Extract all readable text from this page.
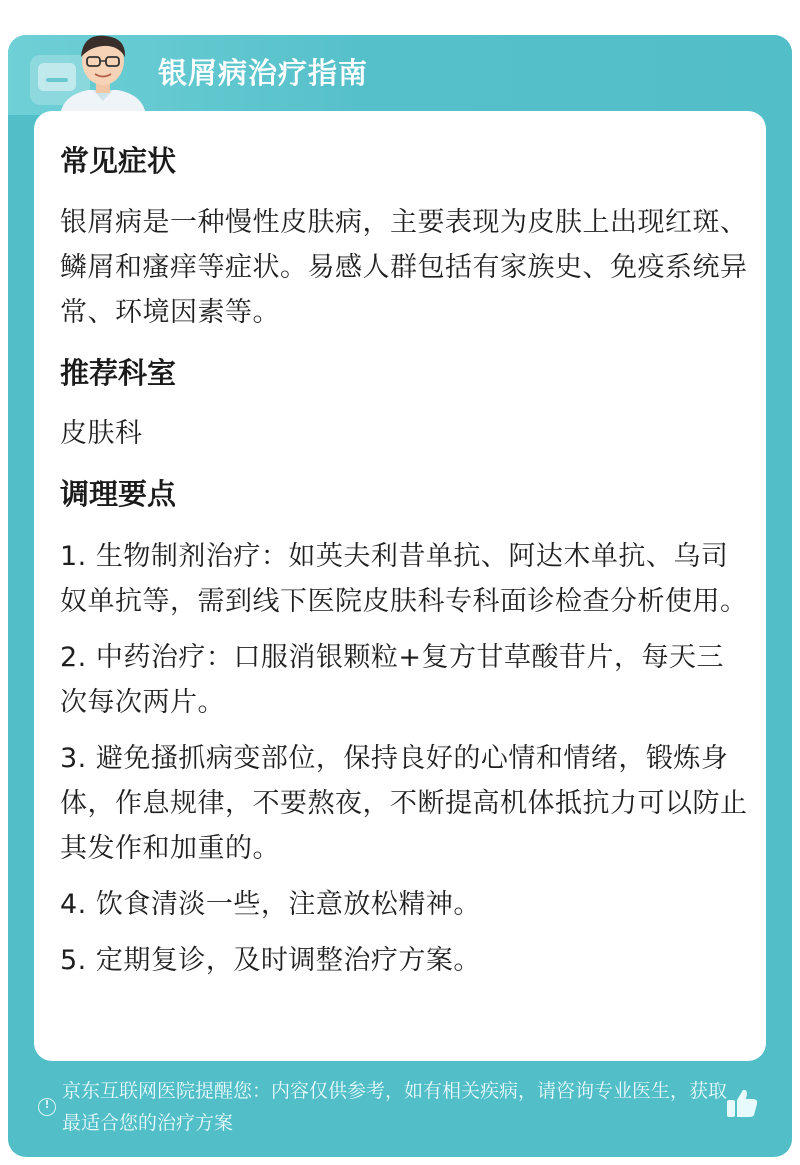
银屑病治疗指南
常见症状
银屑病是一种慢性皮肤病，主要表现为皮肤上出现红斑、鳞屑和瘙痒等症状。易感人群包括有家族史、免疫系统异常、环境因素等。
推荐科室
皮肤科
调理要点

1. 生物制剂治疗：如英夫利昔单抗、阿达木单抗、乌司奴单抗等，需到线下医院皮肤科专科面诊检查分析使用。

2. 中药治疗：口服消银颗粒+复方甘草酸苷片，每天三次每次两片。

3. 避免搔抓病变部位，保持良好的心情和情绪，锻炼身体，作息规律，不要熬夜，不断提高机体抵抗力可以防止其发作和加重的。

4. 饮食清淡一些，注意放松精神。

5. 定期复诊，及时调整治疗方案。

!
京东互联网医院提醒您：内容仅供参考，如有相关疾病，请咨询专业医生，获取最适合您的治疗方案
